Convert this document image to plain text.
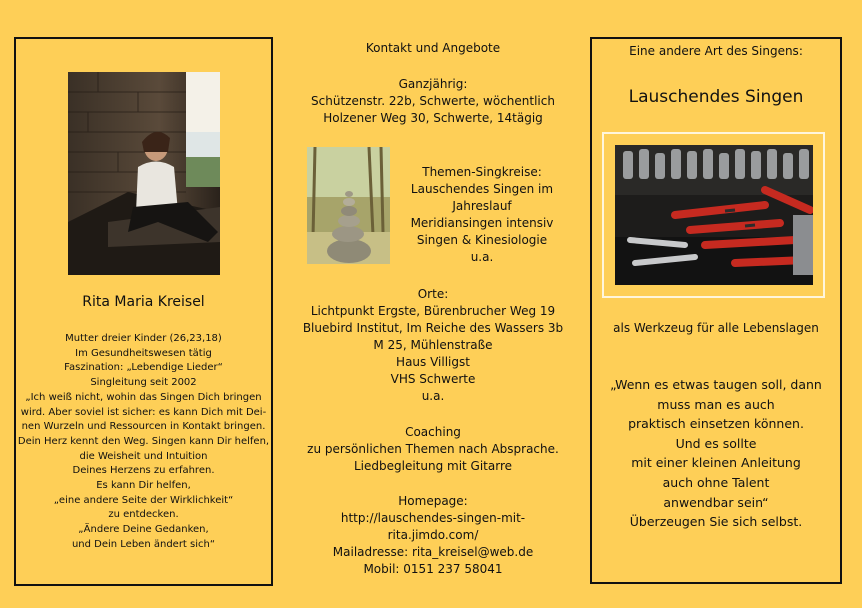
Rita Maria Kreisel
Mutter dreier Kinder (26,23,18)
Im Gesundheitswesen tätig
Faszination: „Lebendige Lieder“
Singleitung seit 2002
„Ich weiß nicht, wohin das Singen Dich bringen
wird. Aber soviel ist sicher: es kann Dich mit Dei-
nen Wurzeln und Ressourcen in Kontakt bringen.
Dein Herz kennt den Weg. Singen kann Dir helfen,
die Weisheit und Intuition
Deines Herzens zu erfahren.
Es kann Dir helfen,
„eine andere Seite der Wirklichkeit“
zu entdecken.
„Ändere Deine Gedanken,
und Dein Leben ändert sich“
Kontakt und Angebote
Ganzjährig:
Schützenstr. 22b, Schwerte, wöchentlich
Holzener Weg 30, Schwerte, 14tägig
Themen-Singkreise:
Lauschendes Singen im
Jahreslauf
Meridiansingen intensiv
Singen & Kinesiologie
u.a.
Orte:
Lichtpunkt Ergste, Bürenbrucher Weg 19
Bluebird Institut, Im Reiche des Wassers 3b
M 25, Mühlenstraße
Haus Villigst
VHS Schwerte
u.a.
Coaching
zu persönlichen Themen nach Absprache.
Liedbegleitung mit Gitarre
Homepage:
http://lauschendes-singen-mit-
rita.jimdo.com/
Mailadresse: rita_kreisel@web.de
Mobil: 0151 237 58041
Eine andere Art des Singens:
Lauschendes Singen
als Werkzeug für alle Lebenslagen
„Wenn es etwas taugen soll, dann
muss man es auch
praktisch einsetzen können.
Und es sollte
mit einer kleinen Anleitung
auch ohne Talent
anwendbar sein“
Überzeugen Sie sich selbst.
